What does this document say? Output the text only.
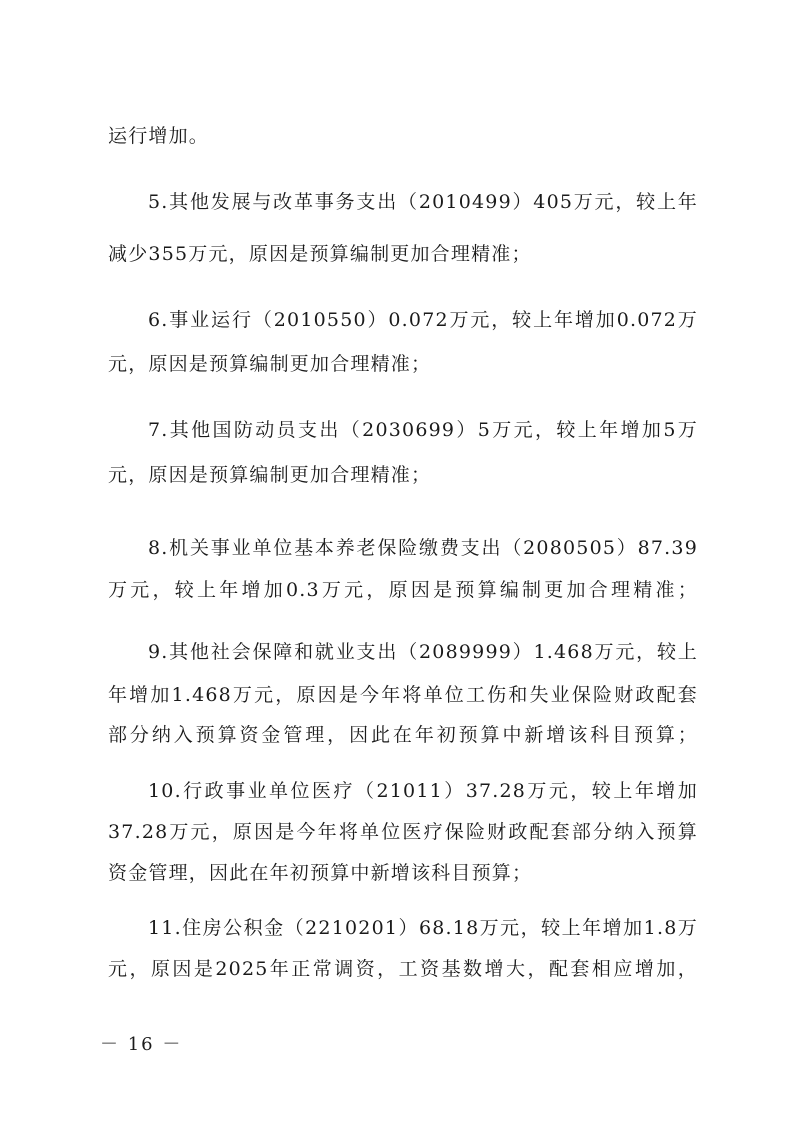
运行增加。
5.其他发展与改革事务支出（2010499）405万元，较上年
减少355万元，原因是预算编制更加合理精准；
6.事业运行（2010550）0.072万元，较上年增加0.072万
元，原因是预算编制更加合理精准；
7.其他国防动员支出（2030699）5万元，较上年增加5万
元，原因是预算编制更加合理精准；
8.机关事业单位基本养老保险缴费支出（2080505）87.39
万元，较上年增加0.3万元，原因是预算编制更加合理精准；
9.其他社会保障和就业支出（2089999）1.468万元，较上
年增加1.468万元，原因是今年将单位工伤和失业保险财政配套
部分纳入预算资金管理，因此在年初预算中新增该科目预算；
10.行政事业单位医疗（21011）37.28万元，较上年增加
37.28万元，原因是今年将单位医疗保险财政配套部分纳入预算
资金管理，因此在年初预算中新增该科目预算；
11.住房公积金（2210201）68.18万元，较上年增加1.8万
元，原因是2025年正常调资，工资基数增大，配套相应增加，
－ 16 －
